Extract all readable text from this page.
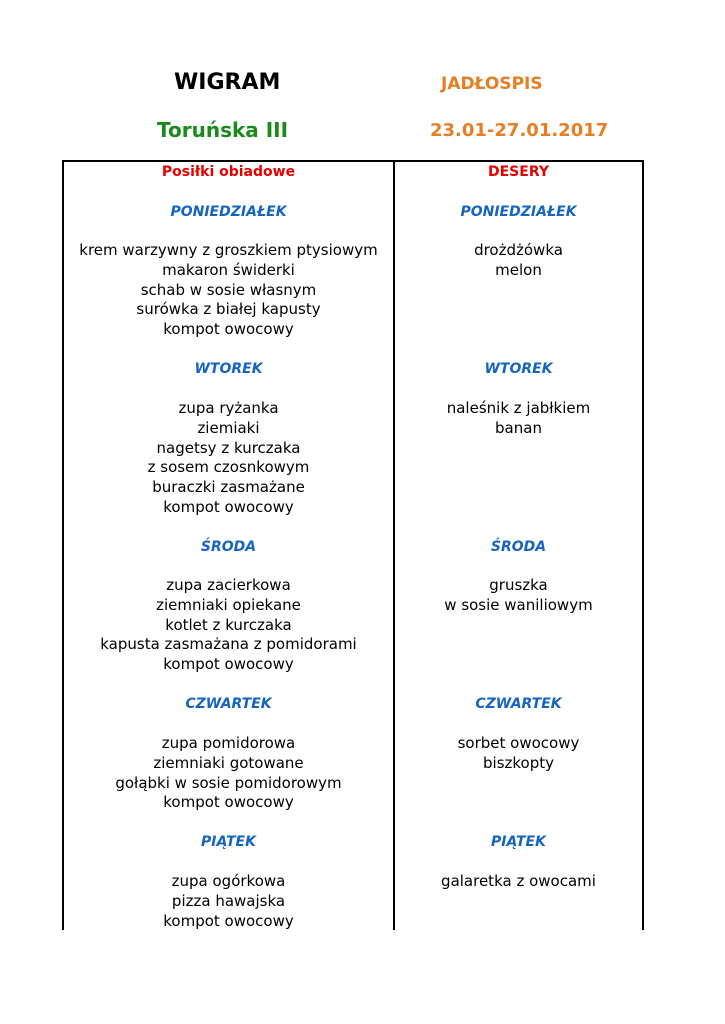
WIGRAM	JADŁOSPIS
Toruńska III	23.01-27.01.2017
Posiłki obiadowe
PONIEDZIAŁEK
krem warzywny z groszkiem ptysiowym
makaron świderki
schab w sosie własnym
surówka z białej kapusty
kompot owocowy
WTOREK
zupa ryżanka
ziemiaki
nagetsy z kurczaka
z sosem czosnkowym
buraczki zasmażane
kompot owocowy
ŚRODA
zupa zacierkowa
ziemniaki opiekane
kotlet z kurczaka
kapusta zasmażana z pomidorami
kompot owocowy
CZWARTEK
zupa pomidorowa
ziemniaki gotowane
gołąbki w sosie pomidorowym
kompot owocowy
PIĄTEK
zupa ogórkowa
pizza hawajska
kompot owocowy
DESERY
PONIEDZIAŁEK
drożdżówka
melon
WTOREK
naleśnik z jabłkiem
banan
ŚRODA
gruszka
w sosie waniliowym
CZWARTEK
sorbet owocowy
biszkopty
PIĄTEK
galaretka z owocami
